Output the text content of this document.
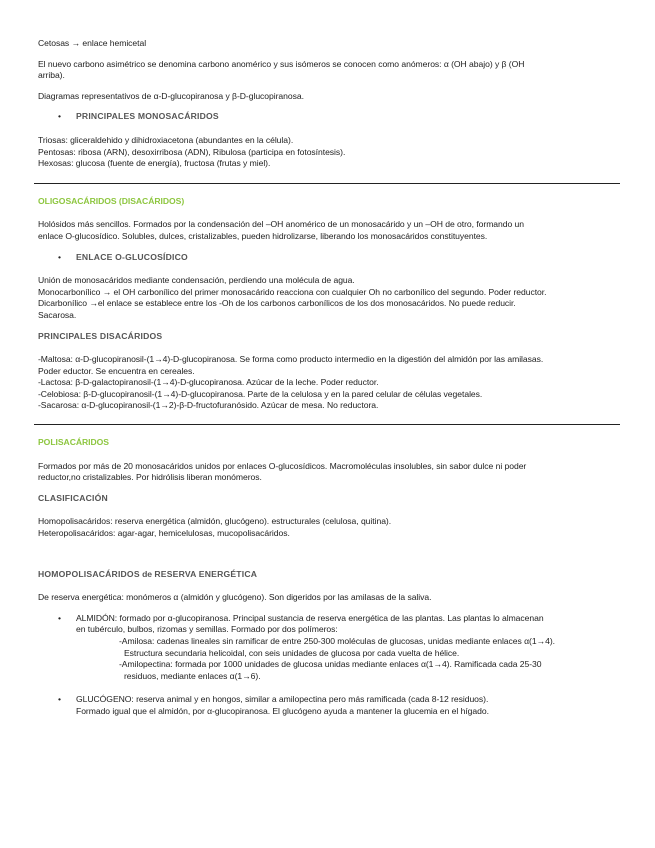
Cetosas → enlace hemicetal

El nuevo carbono asimétrico se denomina carbono anomérico y sus isómeros se conocen como anómeros: α (OH abajo) y β (OH

arriba).

Diagramas representativos de α-D-glucopiranosa y β-D-glucopiranosa.

• PRINCIPALES MONOSACÁRIDOS

Triosas: gliceraldehido y dihidroxiacetona (abundantes en la célula).

Pentosas: ribosa (ARN), desoxirribosa (ADN), Ribulosa (participa en fotosíntesis).

Hexosas: glucosa (fuente de energía), fructosa (frutas y miel).

OLIGOSACÁRIDOS (DISACÁRIDOS)

Holósidos más sencillos. Formados por la condensación del –OH anomérico de un monosacárido y un –OH de otro, formando un

enlace O-glucosídico. Solubles, dulces, cristalizables, pueden hidrolizarse, liberando los monosacáridos constituyentes.

• ENLACE O-GLUCOSÍDICO

Unión de monosacáridos mediante condensación, perdiendo una molécula de agua.

Monocarbonílico → el OH carbonílico del primer monosacárido reacciona con cualquier Oh no carbonílico del segundo. Poder reductor.

Dicarbonílico →el enlace se establece entre los -Oh de los carbonos carbonílicos de los dos monosacáridos. No puede reducir.

Sacarosa.

PRINCIPALES DISACÁRIDOS

-Maltosa: α-D-glucopiranosil-(1→4)-D-glucopiranosa. Se forma como producto intermedio en la digestión del almidón por las amilasas.

Poder eductor. Se encuentra en cereales.

-Lactosa: β-D-galactopiranosil-(1→4)-D-glucopiranosa. Azúcar de la leche. Poder reductor.

-Celobiosa: β-D-glucopiranosil-(1→4)-D-glucopiranosa. Parte de la celulosa y en la pared celular de células vegetales.

-Sacarosa: α-D-glucopiranosil-(1→2)-β-D-fructofuranósido. Azúcar de mesa. No reductora.

POLISACÁRIDOS

Formados por más de 20 monosacáridos unidos por enlaces O-glucosídicos. Macromoléculas insolubles, sin sabor dulce ni poder

reductor,no cristalizables. Por hidrólisis liberan monómeros.

CLASIFICACIÓN

Homopolisacáridos: reserva energética (almidón, glucógeno). estructurales (celulosa, quitina).

Heteropolisacáridos: agar-agar, hemicelulosas, mucopolisacáridos.

HOMOPOLISACÁRIDOS de RESERVA ENERGÉTICA

De reserva energética: monómeros α (almidón y glucógeno). Son digeridos por las amilasas de la saliva.

• ALMIDÓN: formado por α-glucopiranosa. Principal sustancia de reserva energética de las plantas. Las plantas lo almacenan

en tubérculo, bulbos, rizomas y semillas. Formado por dos polímeros:

-Amilosa: cadenas lineales sin ramificar de entre 250-300 moléculas de glucosas, unidas mediante enlaces α(1→4).

Estructura secundaria helicoidal, con seis unidades de glucosa por cada vuelta de hélice.

-Amilopectina: formada por 1000 unidades de glucosa unidas mediante enlaces α(1→4). Ramificada cada 25-30

residuos, mediante enlaces α(1→6).

• GLUCÓGENO: reserva animal y en hongos, similar a amilopectina pero más ramificada (cada 8-12 residuos).

Formado igual que el almidón, por α-glucopiranosa. El glucógeno ayuda a mantener la glucemia en el hígado.
